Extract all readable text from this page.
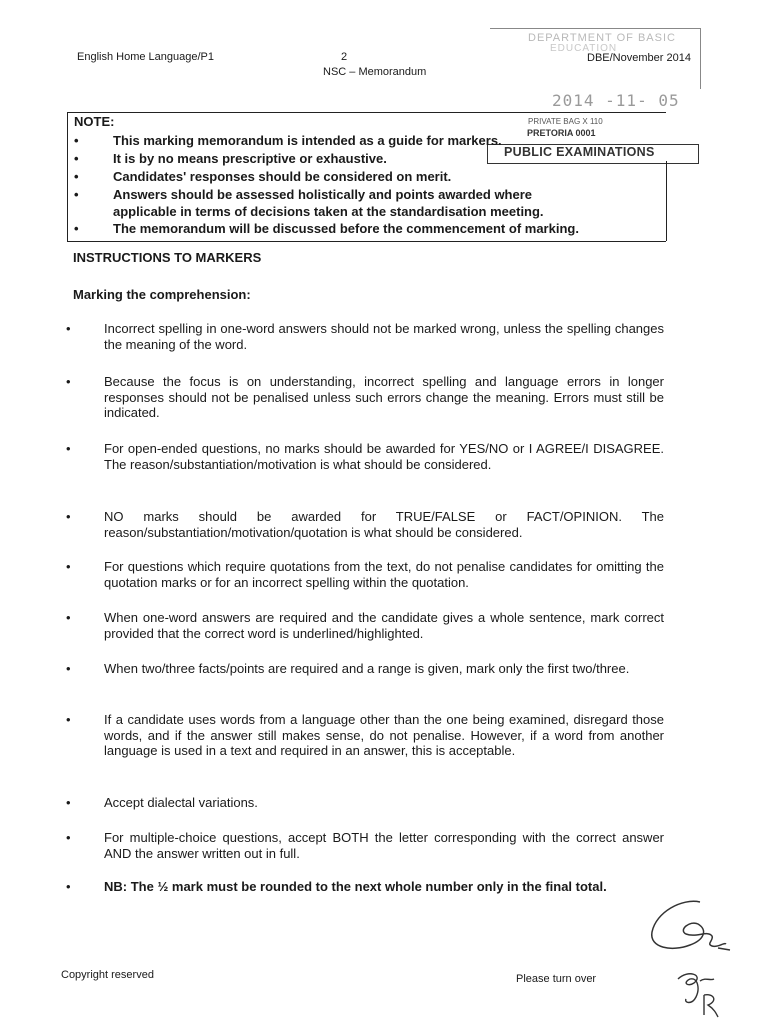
English Home Language/P1	2
NSC – Memorandum
DBE/November 2014
DEPARTMENT OF BASIC
EDUCATION
2014 -11- 05
PRIVATE BAG X 110
PRETORIA 0001
PUBLIC EXAMINATIONS
NOTE:
•	This marking memorandum is intended as a guide for markers.
•	It is by no means prescriptive or exhaustive.
•	Candidates' responses should be considered on merit.
•	Answers should be assessed holistically and points awarded where
applicable in terms of decisions taken at the standardisation meeting.
•	The memorandum will be discussed before the commencement of marking.
INSTRUCTIONS TO MARKERS
Marking the comprehension:
•	Incorrect spelling in one-word answers should not be marked wrong, unless the spelling changes the meaning of the word.
•	Because the focus is on understanding, incorrect spelling and language errors in longer responses should not be penalised unless such errors change the meaning. Errors must still be indicated.
•	For open-ended questions, no marks should be awarded for YES/NO or I AGREE/I DISAGREE. The reason/substantiation/motivation is what should be considered.
•	NO marks should be awarded for TRUE/FALSE or FACT/OPINION. The reason/substantiation/motivation/quotation is what should be considered.
•	For questions which require quotations from the text, do not penalise candidates for omitting the quotation marks or for an incorrect spelling within the quotation.
•	When one-word answers are required and the candidate gives a whole sentence, mark correct provided that the correct word is underlined/highlighted.
•	When two/three facts/points are required and a range is given, mark only the first two/three.
•	If a candidate uses words from a language other than the one being examined, disregard those words, and if the answer still makes sense, do not penalise. However, if a word from another language is used in a text and required in an answer, this is acceptable.
•	Accept dialectal variations.
•	For multiple-choice questions, accept BOTH the letter corresponding with the correct answer AND the answer written out in full.
•	NB: The ½ mark must be rounded to the next whole number only in the final total.
Copyright reserved	Please turn over
